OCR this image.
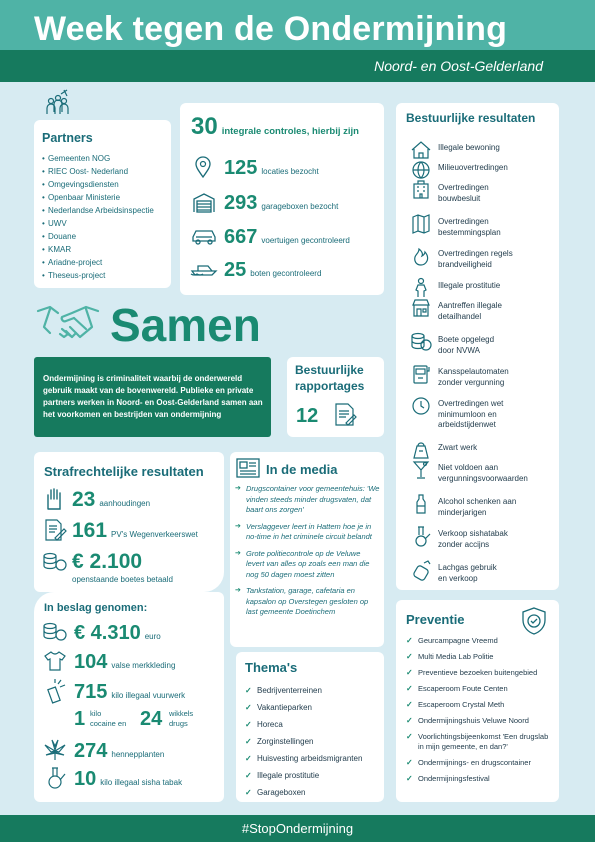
Week tegen de Ondermijning
Noord- en Oost-Gelderland
Partners
• Gemeenten NOG
• RIEC Oost- Nederland
• Omgevingsdiensten
• Openbaar Ministerie
• Nederlandse Arbeidsinspectie
• UWV
• Douane
• KMAR
• Ariadne-project
• Theseus-project
30 integrale controles, hierbij zijn
125 locaties bezocht
293 garageboxen bezocht
667 voertuigen gecontroleerd
25 boten gecontroleerd
Samen
Ondermijning is criminaliteit waarbij de onderwereld gebruik maakt van de bovenwereld. Publieke en private partners werken in Noord- en Oost-Gelderland samen aan het voorkomen en bestrijden van ondermijning
Bestuurlijke
rapportages
12
Strafrechtelijke resultaten
23 aanhoudingen
161 PV's Wegenverkeerswet
€ 2.100
openstaande boetes betaald
In beslag genomen:
€ 4.310 euro
104 valse merkkleding
715 kilo illegaal vuurwerk
1 kilo
cocaine en 24 wikkels
drugs
274 hennepplanten
10 kilo illegaal sisha tabak
In de media
➔ Drugscontainer voor gemeentehuis: 'We vinden steeds minder drugsvaten, dat baart ons zorgen'
➔ Verslaggever leert in Hattem hoe je in no-time in het criminele circuit belandt
➔ Grote politiecontrole op de Veluwe levert van alles op zoals een man die nog 50 dagen moest zitten
➔ Tankstation, garage, cafetaria en kapsalon op Overstegen gesloten op last gemeente Doetinchem
Thema's
✓ Bedrijventerreinen
✓ Vakantieparken
✓ Horeca
✓ Zorginstellingen
✓ Huisvesting arbeidsmigranten
✓ Illegale prostitutie
✓ Garageboxen
Bestuurlijke resultaten
Illegale bewoning
Milieuovertredingen
Overtredingen
bouwbesluit
Overtredingen
bestemmingsplan
Overtredingen regels
brandveiligheid
Illegale prostitutie
Aantreffen illegale
detailhandel
Boete opgelegd
door NVWA
Kansspelautomaten
zonder vergunning
Overtredingen wet
minimumloon en arbeidstijdenwet
Zwart werk
Niet voldoen aan
vergunningsvoorwaarden
Alcohol schenken aan
minderjarigen
Verkoop sishatabak
zonder accijns
Lachgas gebruik
en verkoop
Preventie
✓ Geurcampagne Vreemd
✓ Multi Media Lab Politie
✓ Preventieve bezoeken buitengebied
✓ Escaperoom Foute Centen
✓ Escaperoom Crystal Meth
✓ Ondermijningshuis Veluwe Noord
✓ Voorlichtingsbijeenkomst 'Een drugslab in mijn gemeente, en dan?'
✓ Ondermijnings- en drugscontainer
✓ Ondermijningsfestival
#StopOndermijning
